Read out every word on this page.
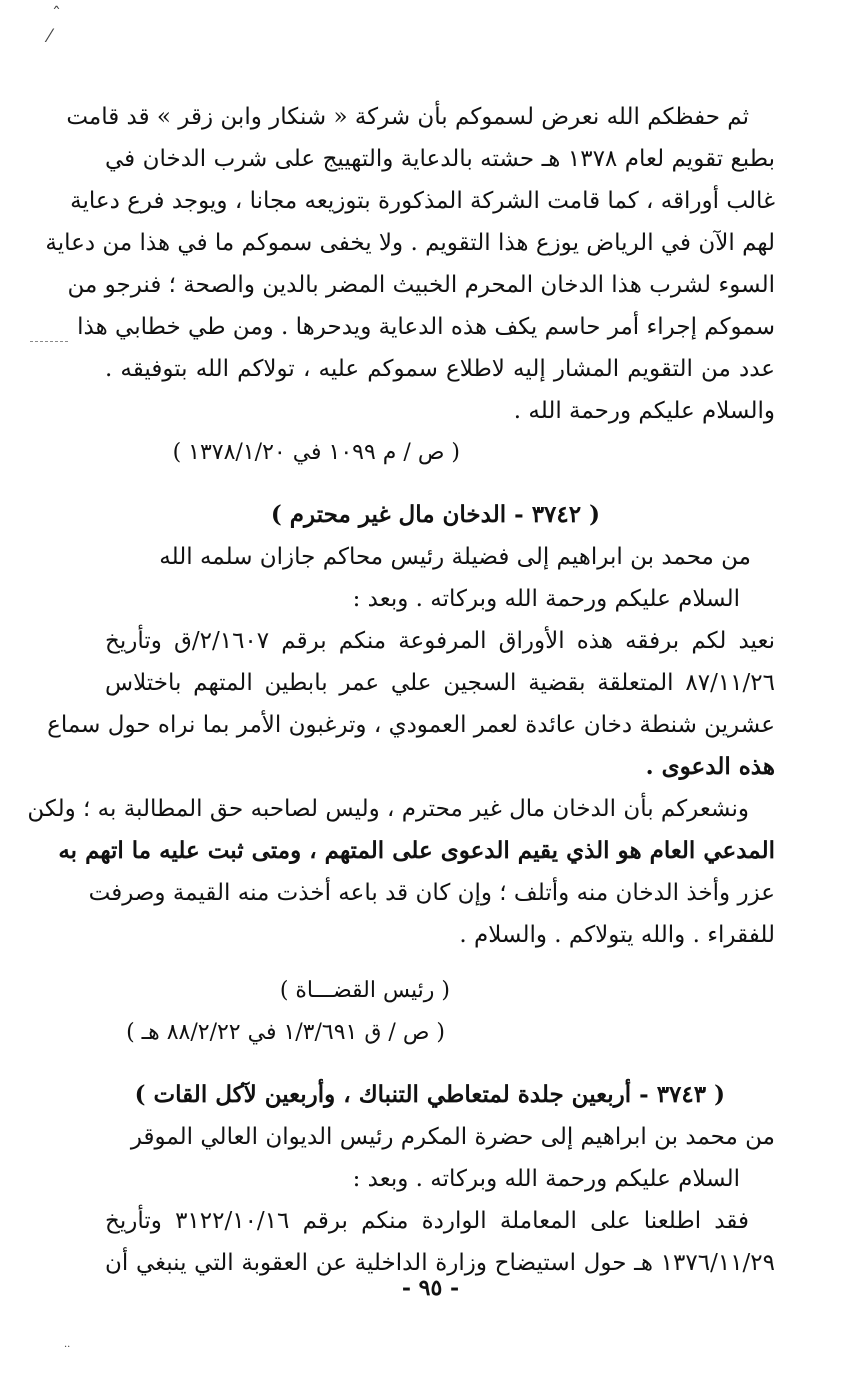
ˆ
⁄
··
ثم حفظكم الله نعرض لسموكم بأن شركة « شنكار وابن زقر » قد قامت
بطبع تقويم لعام ١٣٧٨ هـ حشته بالدعاية والتهييج على شرب الدخان في
غالب أوراقه ، كما قامت الشركة المذكورة بتوزيعه مجانا ، ويوجد فرع دعاية
لهم الآن في الرياض يوزع هذا التقويم . ولا يخفى سموكم ما في هذا من دعاية
السوء لشرب هذا الدخان المحرم الخبيث المضر بالدين والصحة ؛ فنرجو من
سموكم إجراء أمر حاسم يكف هذه الدعاية ويدحرها . ومن طي خطابي هذا
عدد من التقويم المشار إليه لاطلاع سموكم عليه ، تولاكم الله بتوفيقه .
والسلام عليكم ورحمة الله .
( ص / م ١٠٩٩ في ١٣٧٨/١/٢٠ )
( ٣٧٤٢ - الدخان مال غير محترم )
من محمد بن ابراهيم إلى فضيلة رئيس محاكم جازان سلمه الله
السلام عليكم ورحمة الله وبركاته . وبعد :
نعيد لكم برفقه هذه الأوراق المرفوعة منكم برقم ٢/١٦٠٧/ق وتأريخ
٨٧/١١/٢٦ المتعلقة بقضية السجين علي عمر بابطين المتهم باختلاس
عشرين شنطة دخان عائدة لعمر العمودي ، وترغبون الأمر بما نراه حول سماع
هذه الدعوى .
ونشعركم بأن الدخان مال غير محترم ، وليس لصاحبه حق المطالبة به ؛ ولكن
المدعي العام هو الذي يقيم الدعوى على المتهم ، ومتى ثبت عليه ما اتهم به
عزر وأخذ الدخان منه وأتلف ؛ وإن كان قد باعه أخذت منه القيمة وصرفت
للفقراء . والله يتولاكم . والسلام .
( رئيس القضـــاة )
( ص / ق ١/٣/٦٩١ في ٨٨/٢/٢٢ هـ )
( ٣٧٤٣ - أربعين جلدة لمتعاطي التنباك ، وأربعين لآكل القات )
من محمد بن ابراهيم إلى حضرة المكرم رئيس الديوان العالي الموقر
السلام عليكم ورحمة الله وبركاته . وبعد :
فقد اطلعنا على المعاملة الواردة منكم برقم ٣١٢٢/١٠/١٦ وتأريخ
١٣٧٦/١١/٢٩ هـ حول استيضاح وزارة الداخلية عن العقوبة التي ينبغي أن
- ٩٥ -
